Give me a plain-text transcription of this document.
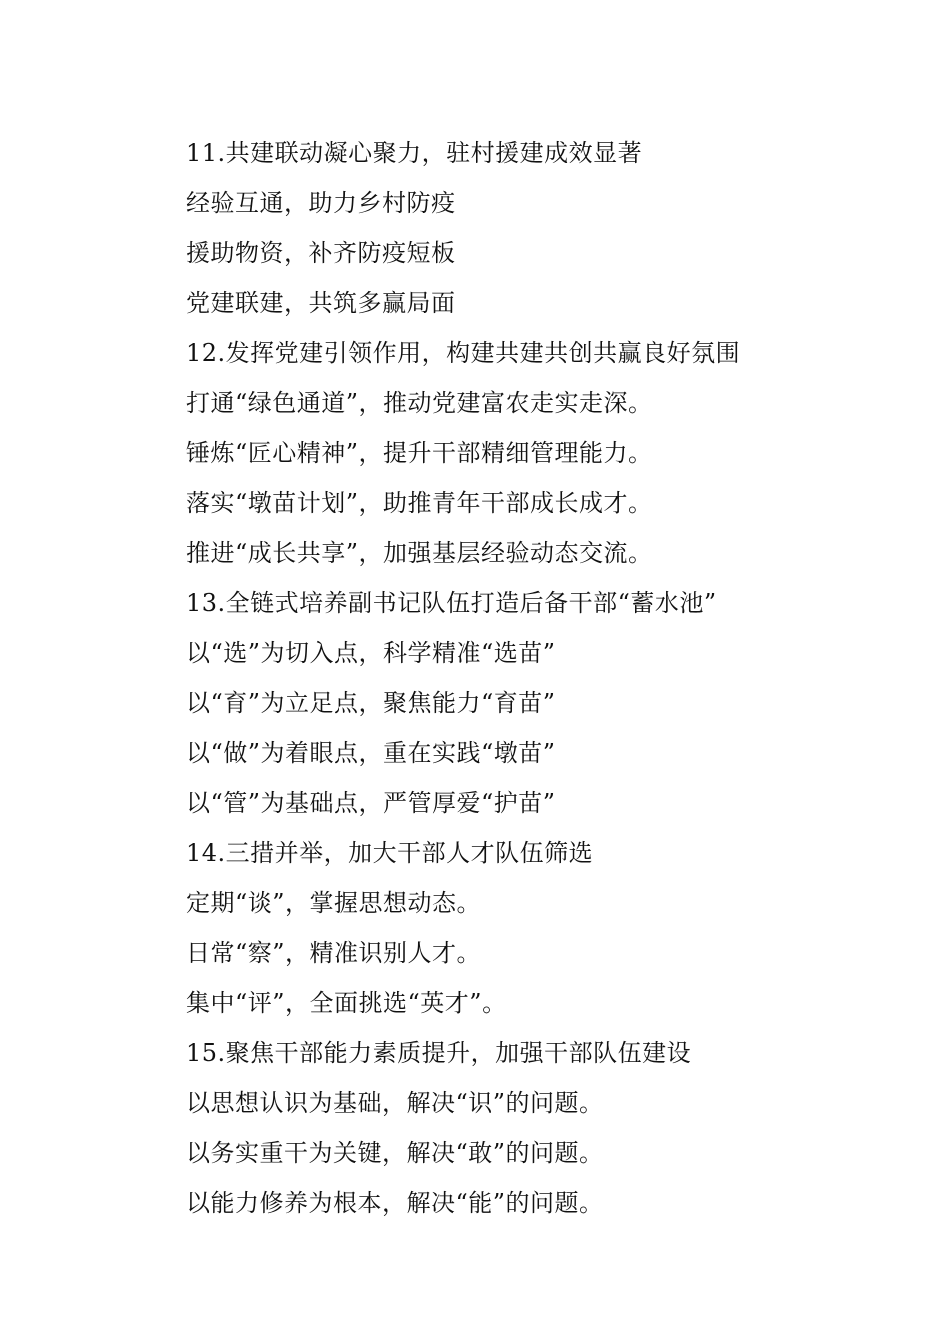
11.共建联动凝心聚力，驻村援建成效显著
经验互通，助力乡村防疫
援助物资，补齐防疫短板
党建联建，共筑多赢局面
12.发挥党建引领作用，构建共建共创共赢良好氛围
打通“绿色通道”，推动党建富农走实走深。
锤炼“匠心精神”，提升干部精细管理能力。
落实“墩苗计划”，助推青年干部成长成才。
推进“成长共享”，加强基层经验动态交流。
13.全链式培养副书记队伍打造后备干部“蓄水池”
以“选”为切入点，科学精准“选苗”
以“育”为立足点，聚焦能力“育苗”
以“做”为着眼点，重在实践“墩苗”
以“管”为基础点，严管厚爱“护苗”
14.三措并举，加大干部人才队伍筛选
定期“谈”，掌握思想动态。
日常“察”，精准识别人才。
集中“评”，全面挑选“英才”。
15.聚焦干部能力素质提升，加强干部队伍建设
以思想认识为基础，解决“识”的问题。
以务实重干为关键，解决“敢”的问题。
以能力修养为根本，解决“能”的问题。
